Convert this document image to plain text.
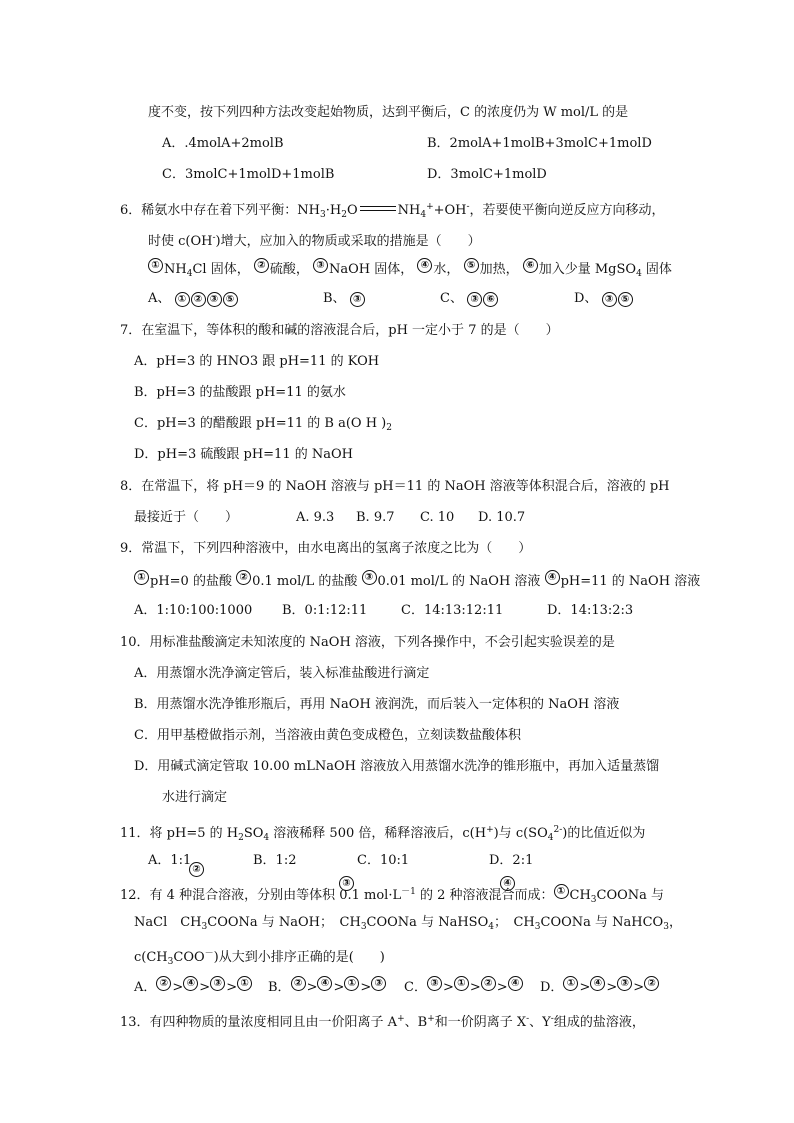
度不变，按下列四种方法改变起始物质，达到平衡后，C 的浓度仍为 W mol/L 的是
A．.4molA+2molB	B．2molA+1molB+3molC+1molD
C．3molC+1molD+1molB	D．3molC+1molD
6．稀氨水中存在着下列平衡：$NH_3\cdot H_2O$	$NH_4^++OH^-$，若要使平衡向逆反应方向移动，
时使 c(OH-)增大，应加入的物质或采取的措施是（　　）
① $NH_4Cl$ 固体， ② 硫酸， ③ NaOH 固体， ④ 水， ⑤ 加热， ⑥ 加入少量 MgSO$_4$ 固体
A、 ① ② ③ ⑤	B、 ③	C、 ③ ⑥	D、 ③ ⑤
7．在室温下，等体积的酸和碱的溶液混合后，pH 一定小于 7 的是（　　）
A．pH=3 的 HNO3 跟 pH=11 的 KOH
B．pH=3 的盐酸跟 pH=11 的氨水
C．pH=3 的醋酸跟 pH=11 的 B a(O H )$_2$
D．pH=3 硫酸跟 pH=11 的 NaOH
8．在常温下，将 pH＝9 的 NaOH 溶液与 pH＝11 的 NaOH 溶液等体积混合后，溶液的 pH
最接近于（　　）	A. 9.3 B. 9.7 C. 10 D. 10.7
9．常温下，下列四种溶液中，由水电离出的氢离子浓度之比为（　　）
① pH=0 的盐酸 ② 0.1 mol/L 的盐酸 ③ 0.01 mol/L 的 NaOH 溶液 ④ pH=11 的 NaOH 溶液
A．1:10:100:1000 B．0:1:12:11	C．14:13:12:11	D．14:13:2:3
10．用标准盐酸滴定未知浓度的 NaOH 溶液，下列各操作中，不会引起实验误差的是
A．用蒸馏水洗净滴定管后，装入标准盐酸进行滴定
B．用蒸馏水洗净锥形瓶后，再用 NaOH 液润洗，而后装入一定体积的 NaOH 溶液
C．用甲基橙做指示剂，当溶液由黄色变成橙色，立刻读数盐酸体积
D．用碱式滴定管取 10.00 mLNaOH 溶液放入用蒸馏水洗净的锥形瓶中，再加入适量蒸馏
水进行滴定
11．将 pH=5 的 $H_2SO_4$ 溶液稀释 500 倍，稀释溶液后，c(H+)与 $c(SO_4^{2-})$的比值近似为
A．1:1	B．1:2	C．10:1	D．2:1
②
③	④
12．有 4 种混合溶液，分别由等体积 0.1 $mol\cdot L^{-1}$ 的 2 种溶液混合而成： ① $CH_3COONa$ 与
NaCl　$CH_3COONa$ 与 NaOH；　$CH_3COONa$ 与 NaHSO$_4$；　$CH_3COONa$ 与 NaHCO$_3$，
$c(CH_3COO^-)$从大到小排序正确的是(　　)
A． ② > ④ > ③ > ①	B． ② > ④ > ① > ③	C． ③ > ① > ② > ④	D． ① > ④ > ③ > ②
13．有四种物质的量浓度相同且由一价阳离子 A+、B+和一价阴离子 X-、Y-组成的盐溶液，
